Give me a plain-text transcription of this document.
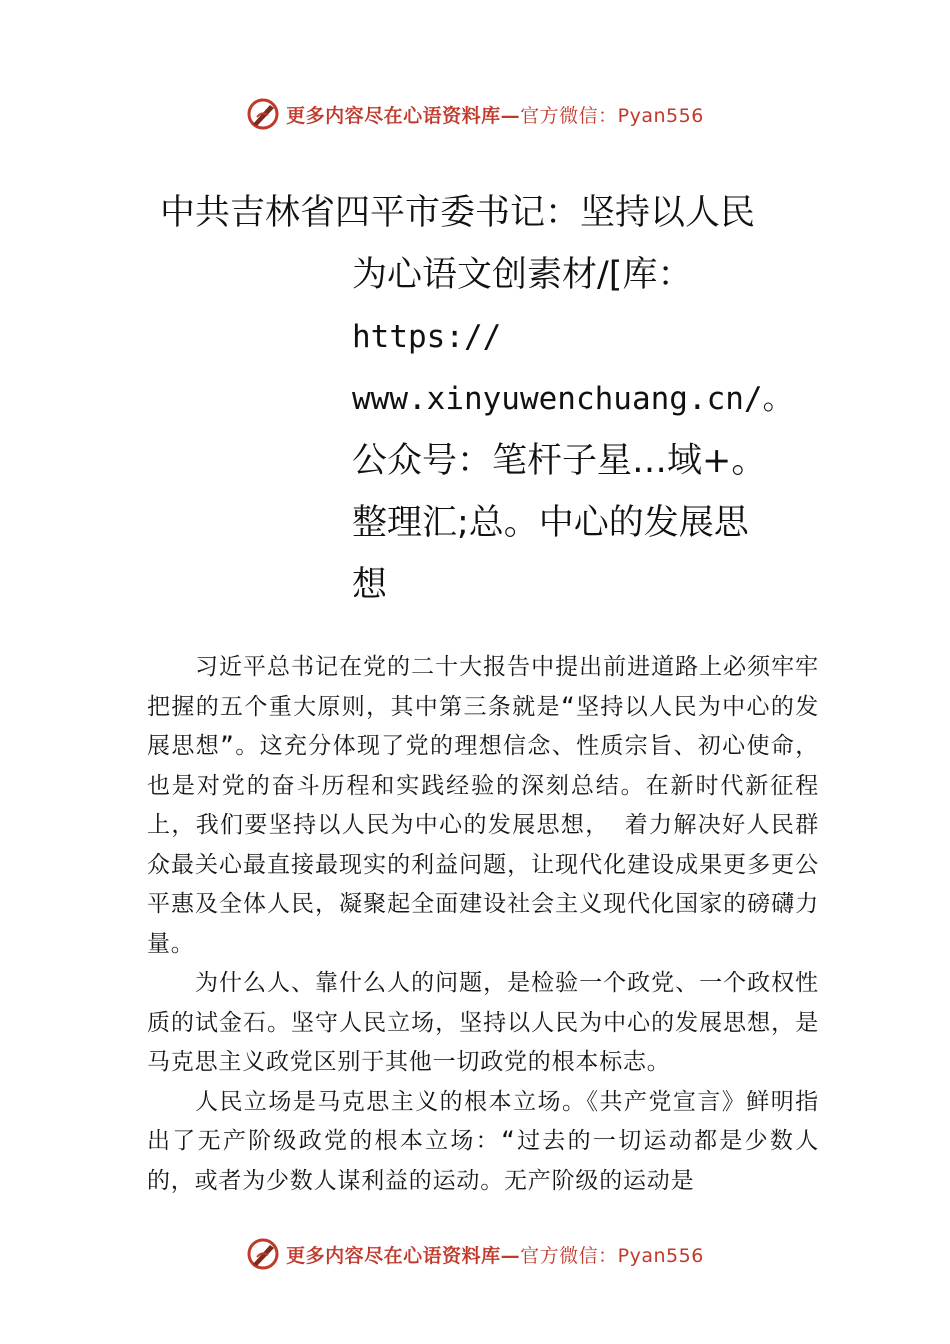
更多内容尽在心语资料库—官方微信：Pyan556
中共吉林省四平市委书记：坚持以人民
为心语文创素材/[库：
https://
www.xinyuwenchuang.cn/。
公众号：笔杆子星…域+。
整理汇;总。中心的发展思
想

习近平总书记在党的二十大报告中提出前进道路上必须牢牢把握的五个重大原则，其中第三条就是“坚持以人民为中心的发展思想”。这充分体现了党的理想信念、性质宗旨、初心使命，也是对党的奋斗历程和实践经验的深刻总结。在新时代新征程上，我们要坚持以人民为中心的发展思想， 着力解决好人民群众最关心最直接最现实的利益问题，让现代化建设成果更多更公平惠及全体人民，凝聚起全面建设社会主义现代化国家的磅礴力量。

为什么人、靠什么人的问题，是检验一个政党、一个政权性质的试金石。坚守人民立场，坚持以人民为中心的发展思想，是马克思主义政党区别于其他一切政党的根本标志。

人民立场是马克思主义的根本立场。《共产党宣言》鲜明指出了无产阶级政党的根本立场：“过去的一切运动都是少数人的，或者为少数人谋利益的运动。无产阶级的运动是

更多内容尽在心语资料库—官方微信：Pyan556
